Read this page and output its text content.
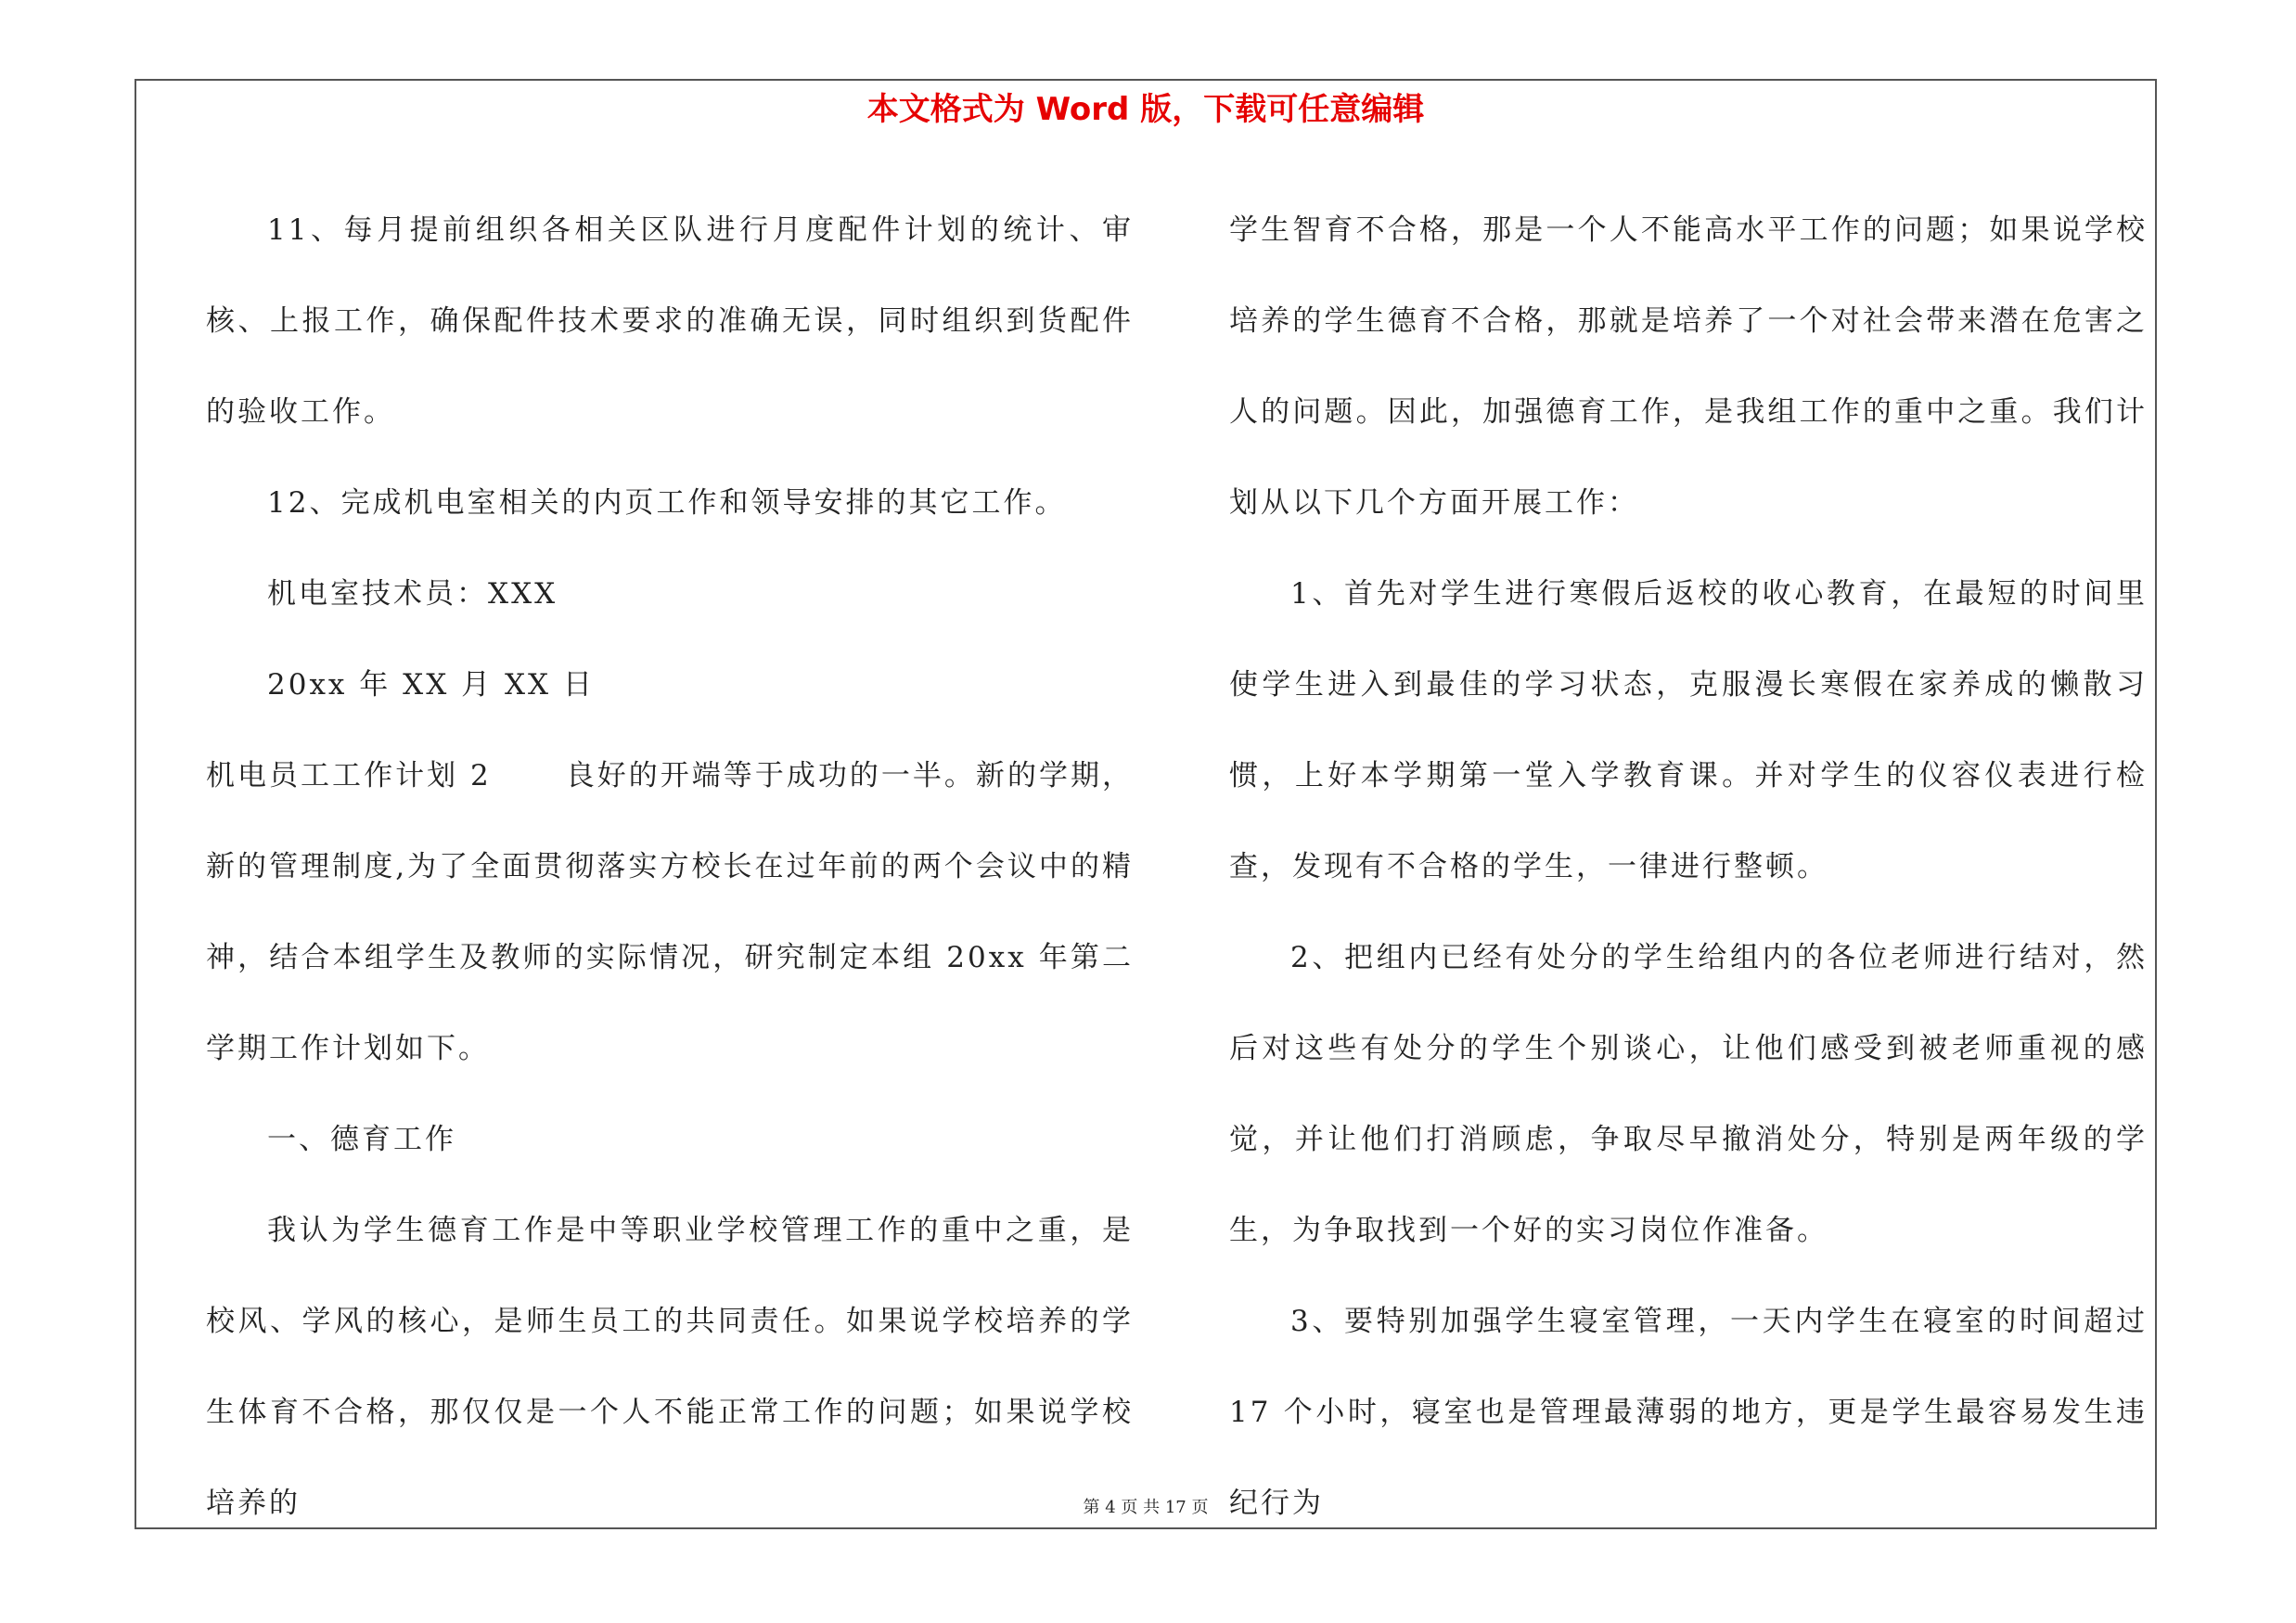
本文格式为 Word 版，下载可任意编辑

11、每月提前组织各相关区队进行月度配件计划的统计、审核、上报工作，确保配件技术要求的准确无误，同时组织到货配件的验收工作。

12、完成机电室相关的内页工作和领导安排的其它工作。

机电室技术员：XXX

20xx 年 XX 月 XX 日

机电员工工作计划 2	良好的开端等于成功的一半。新的学期，新的管理制度,为了全面贯彻落实方校长在过年前的两个会议中的精神，结合本组学生及教师的实际情况，研究制定本组 20xx 年第二学期工作计划如下。

一、德育工作

我认为学生德育工作是中等职业学校管理工作的重中之重，是校风、学风的核心，是师生员工的共同责任。如果说学校培养的学生体育不合格，那仅仅是一个人不能正常工作的问题；如果说学校培养的

学生智育不合格，那是一个人不能高水平工作的问题；如果说学校培养的学生德育不合格，那就是培养了一个对社会带来潜在危害之人的问题。因此，加强德育工作，是我组工作的重中之重。我们计划从以下几个方面开展工作：

1、首先对学生进行寒假后返校的收心教育，在最短的时间里使学生进入到最佳的学习状态，克服漫长寒假在家养成的懒散习惯，上好本学期第一堂入学教育课。并对学生的仪容仪表进行检查，发现有不合格的学生，一律进行整顿。

2、把组内已经有处分的学生给组内的各位老师进行结对，然后对这些有处分的学生个别谈心，让他们感受到被老师重视的感觉，并让他们打消顾虑，争取尽早撤消处分，特别是两年级的学生，为争取找到一个好的实习岗位作准备。

3、要特别加强学生寝室管理，一天内学生在寝室的时间超过 17 个小时，寝室也是管理最薄弱的地方，更是学生最容易发生违纪行为

第 4 页 共 17 页
